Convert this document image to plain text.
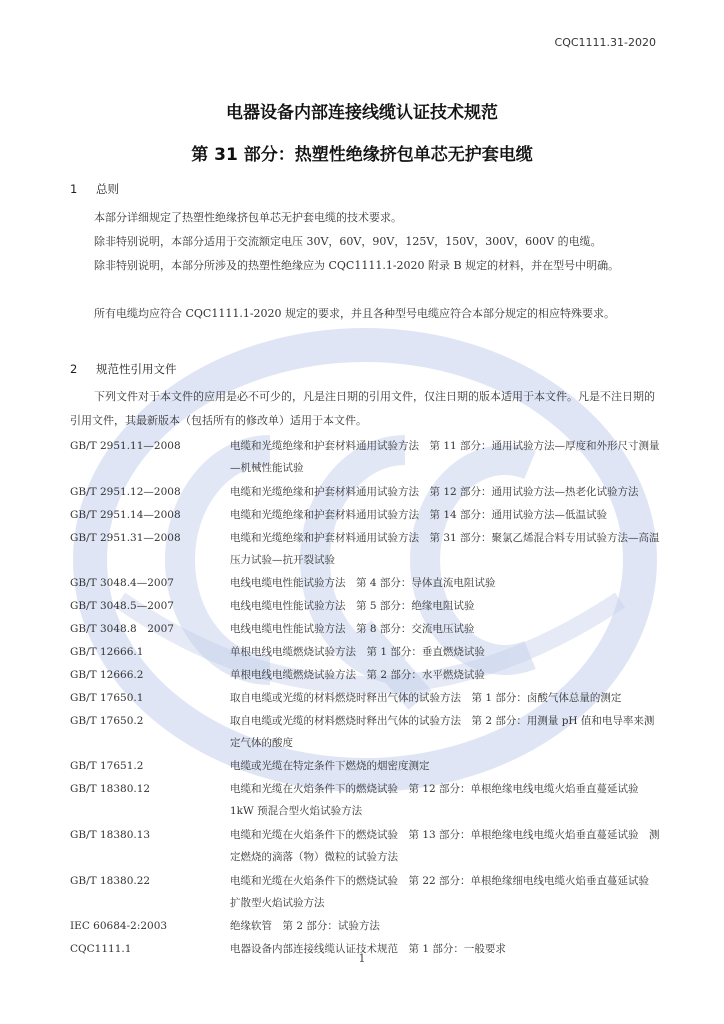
CQC1111.31-2020
电器设备内部连接线缆认证技术规范
第 31 部分：热塑性绝缘挤包单芯无护套电缆
1 总则
本部分详细规定了热塑性绝缘挤包单芯无护套电缆的技术要求。
除非特别说明，本部分适用于交流额定电压 30V，60V，90V，125V，150V，300V，600V 的电缆。
除非特别说明，本部分所涉及的热塑性绝缘应为 CQC1111.1-2020 附录 B 规定的材料，并在型号中明确。
所有电缆均应符合 CQC1111.1-2020 规定的要求，并且各种型号电缆应符合本部分规定的相应特殊要求。
2 规范性引用文件
下列文件对于本文件的应用是必不可少的，凡是注日期的引用文件，仅注日期的版本适用于本文件。凡是不注日期的引用文件，其最新版本（包括所有的修改单）适用于本文件。
GB/T 2951.11—2008	电缆和光缆绝缘和护套材料通用试验方法　第 11 部分：通用试验方法—厚度和外形尺寸测量—机械性能试验
GB/T 2951.12—2008	电缆和光缆绝缘和护套材料通用试验方法　第 12 部分：通用试验方法—热老化试验方法
GB/T 2951.14—2008	电缆和光缆绝缘和护套材料通用试验方法　第 14 部分：通用试验方法—低温试验
GB/T 2951.31—2008	电缆和光缆绝缘和护套材料通用试验方法　第 31 部分：聚氯乙烯混合料专用试验方法—高温压力试验—抗开裂试验
GB/T 3048.4—2007	电线电缆电性能试验方法　第 4 部分：导体直流电阻试验
GB/T 3048.5—2007	电线电缆电性能试验方法　第 5 部分：绝缘电阻试验
GB/T 3048.8　2007	电线电缆电性能试验方法　第 8 部分：交流电压试验
GB/T 12666.1	单根电线电缆燃烧试验方法　第 1 部分：垂直燃烧试验
GB/T 12666.2	单根电线电缆燃烧试验方法　第 2 部分：水平燃烧试验
GB/T 17650.1	取自电缆或光缆的材料燃烧时释出气体的试验方法　第 1 部分：卤酸气体总量的测定
GB/T 17650.2	取自电缆或光缆的材料燃烧时释出气体的试验方法　第 2 部分：用测量 pH 值和电导率来测定气体的酸度
GB/T 17651.2	电缆或光缆在特定条件下燃烧的烟密度测定
GB/T 18380.12	电缆和光缆在火焰条件下的燃烧试验　第 12 部分：单根绝缘电线电缆火焰垂直蔓延试验　1kW 预混合型火焰试验方法
GB/T 18380.13	电缆和光缆在火焰条件下的燃烧试验　第 13 部分：单根绝缘电线电缆火焰垂直蔓延试验　测定燃烧的滴落（物）微粒的试验方法
GB/T 18380.22	电缆和光缆在火焰条件下的燃烧试验　第 22 部分：单根绝缘细电线电缆火焰垂直蔓延试验　扩散型火焰试验方法
IEC 60684-2:2003	绝缘软管　第 2 部分：试验方法
CQC1111.1	电器设备内部连接线缆认证技术规范　第 1 部分：一般要求
1
